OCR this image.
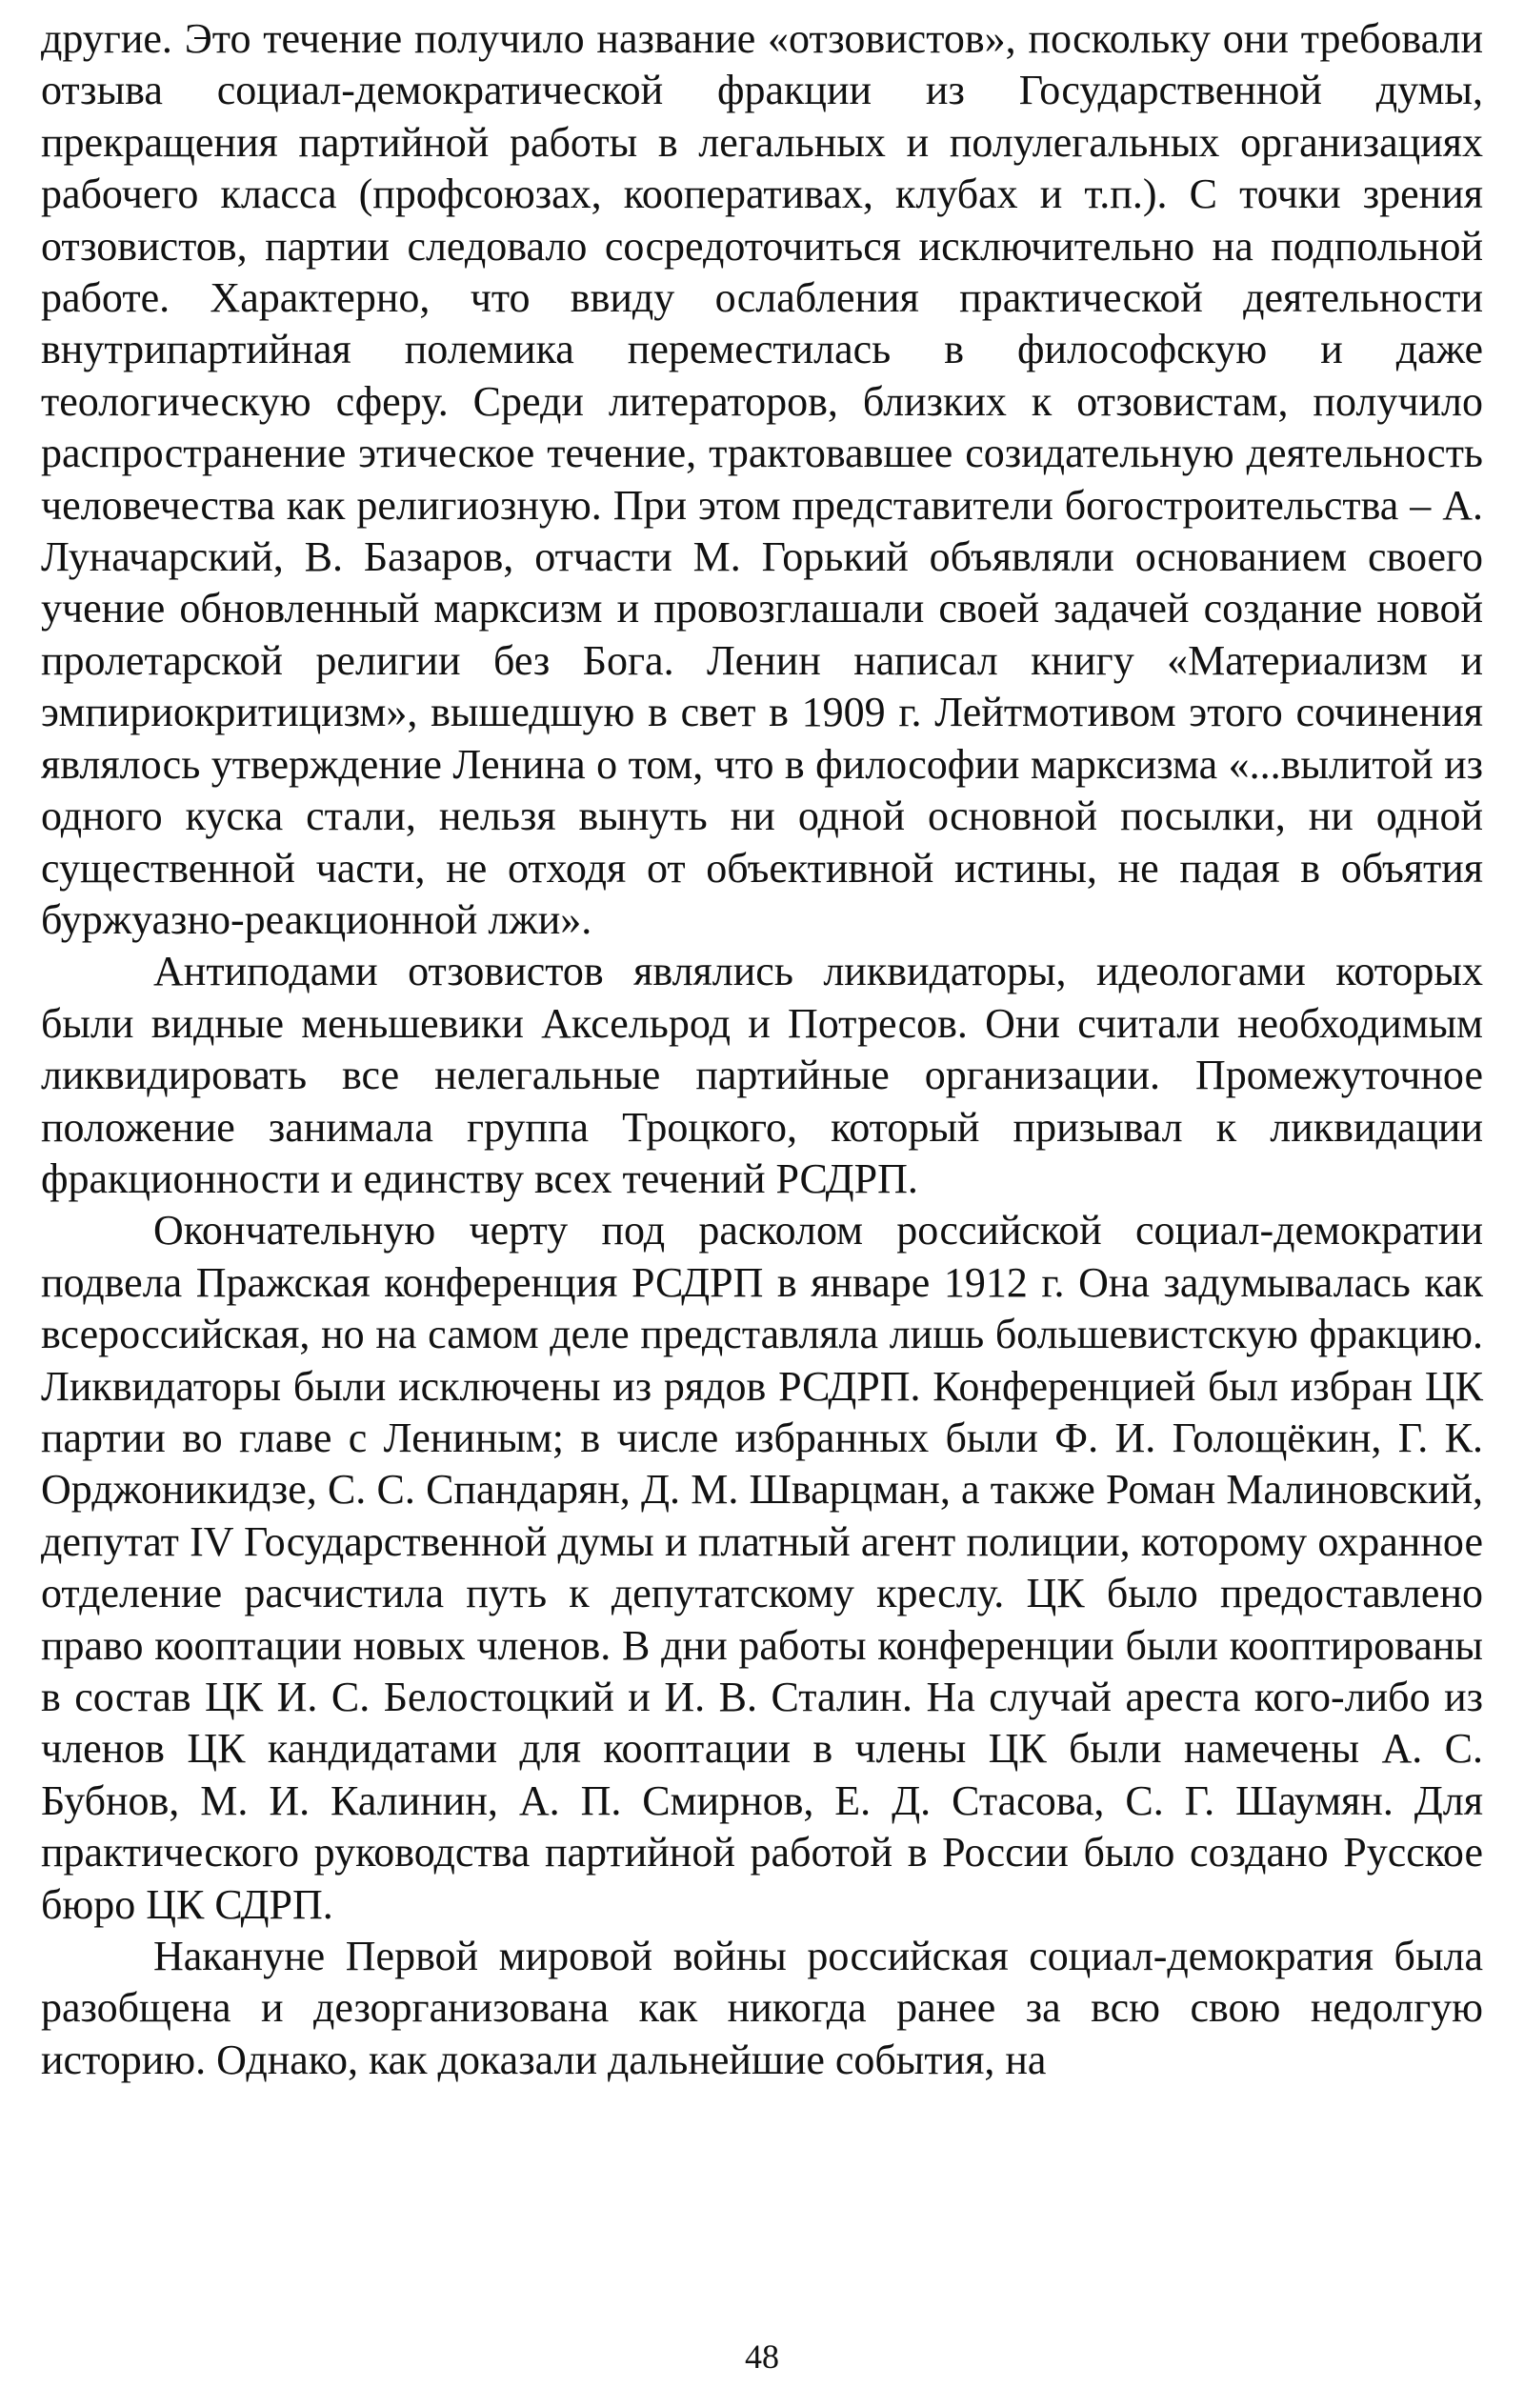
другие. Это течение получило название «отзовистов», поскольку они требовали отзыва социал-демократической фракции из Государственной думы, прекращения партийной работы в легальных и полулегальных организациях рабочего класса (профсоюзах, кооперативах, клубах и т.п.). С точки зрения отзовистов, партии следовало сосредоточиться исключительно на подпольной работе. Характерно, что ввиду ослабления практической деятельности внутрипартийная полемика переместилась в философскую и даже теологическую сферу. Среди литераторов, близких к отзовистам, получило распространение этическое течение, трактовавшее созидательную деятельность человечества как религиозную. При этом представители богостроительства – А. Луначарский, В. Базаров, отчасти М. Горький объявляли основанием своего учение обновленный марксизм и провозглашали своей задачей создание новой пролетарской религии без Бога. Ленин написал книгу «Материализм и эмпириокритицизм», вышедшую в свет в 1909 г. Лейтмотивом этого сочинения являлось утверждение Ленина о том, что в философии марксизма «...вылитой из одного куска стали, нельзя вынуть ни одной основной посылки, ни одной существенной части, не отходя от объективной истины, не падая в объятия буржуазно-реакционной лжи».

Антиподами отзовистов являлись ликвидаторы, идеологами которых были видные меньшевики Аксельрод и Потресов. Они считали необходимым ликвидировать все нелегальные партийные организации. Промежуточное положение занимала группа Троцкого, который призывал к ликвидации фракционности и единству всех течений РСДРП.

Окончательную черту под расколом российской социал-демократии подвела Пражская конференция РСДРП в январе 1912 г. Она задумывалась как всероссийская, но на самом деле представляла лишь большевистскую фракцию. Ликвидаторы были исключены из рядов РСДРП. Конференцией был избран ЦК партии во главе с Лениным; в числе избранных были Ф. И. Голощёкин, Г. К. Орджоникидзе, С. С. Спандарян, Д. М. Шварцман, а также Роман Малиновский, депутат IV Государственной думы и платный агент полиции, которому охранное отделение расчистила путь к депутатскому креслу. ЦК было предоставлено право кооптации новых членов. В дни работы конференции были кооптированы в состав ЦК И. С. Белостоцкий и И. В. Сталин. На случай ареста кого-либо из членов ЦК кандидатами для кооптации в члены ЦК были намечены А. С. Бубнов, М. И. Калинин, А. П. Смирнов, Е. Д. Стасова, С. Г. Шаумян. Для практического руководства партийной работой в России было создано Русское бюро ЦК СДРП.

Накануне Первой мировой войны российская социал-демократия была разобщена и дезорганизована как никогда ранее за всю свою недолгую историю. Однако, как доказали дальнейшие события, на

48
